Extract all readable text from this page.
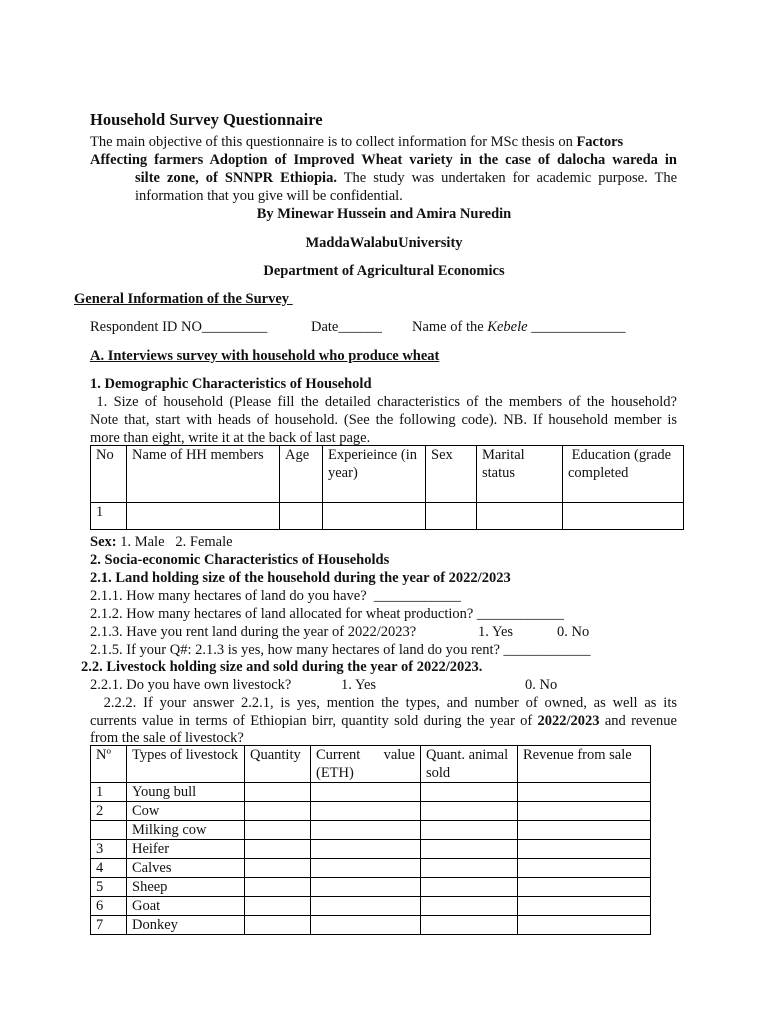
Household Survey Questionnaire
The main objective of this questionnaire is to collect information for MSc thesis on Factors
Affecting farmers Adoption of Improved Wheat variety in the case of dalocha wareda in
silte zone, of SNNPR Ethiopia. The study was undertaken for academic purpose. The
information that you give will be confidential.
By Minewar Hussein and Amira Nuredin
MaddaWalabuUniversity
Department of Agricultural Economics
General Information of the Survey
Respondent ID NO_________	Date______ Name of the Kebele _____________
A. Interviews survey with household who produce wheat
1. Demographic Characteristics of Household
1. Size of household (Please fill the detailed characteristics of the members of the household?
Note that, start with heads of household. (See the following code). NB. If household member is
more than eight, write it at the back of last page.
No	Name of HH members	Age	Experieince (in year)	Sex	Marital status	Education (grade completed
1						
Sex: 1. Male   2. Female
2. Socia-economic Characteristics of Households
2.1. Land holding size of the household during the year of 2022/2023
2.1.1. How many hectares of land do you have?  ____________
2.1.2. How many hectares of land allocated for wheat production? ____________
2.1.3. Have you rent land during the year of 2022/2023?	1. Yes	0. No
2.1.5. If your Q#: 2.1.3 is yes, how many hectares of land do you rent? ____________
2.2. Livestock holding size and sold during the year of 2022/2023.
2.2.1. Do you have own livestock?	1. Yes	0. No
2.2.2. If your answer 2.2.1, is yes, mention the types, and number of owned, as well as its
currents value in terms of Ethiopian birr, quantity sold during the year of 2022/2023 and revenue
from the sale of livestock?
Nº	Types of livestock	Quantity	Current value (ETH)	Quant. animal sold	Revenue from sale
1	Young bull				
2	Cow				
	Milking cow				
3	Heifer				
4	Calves				
5	Sheep				
6	Goat				
7	Donkey				
